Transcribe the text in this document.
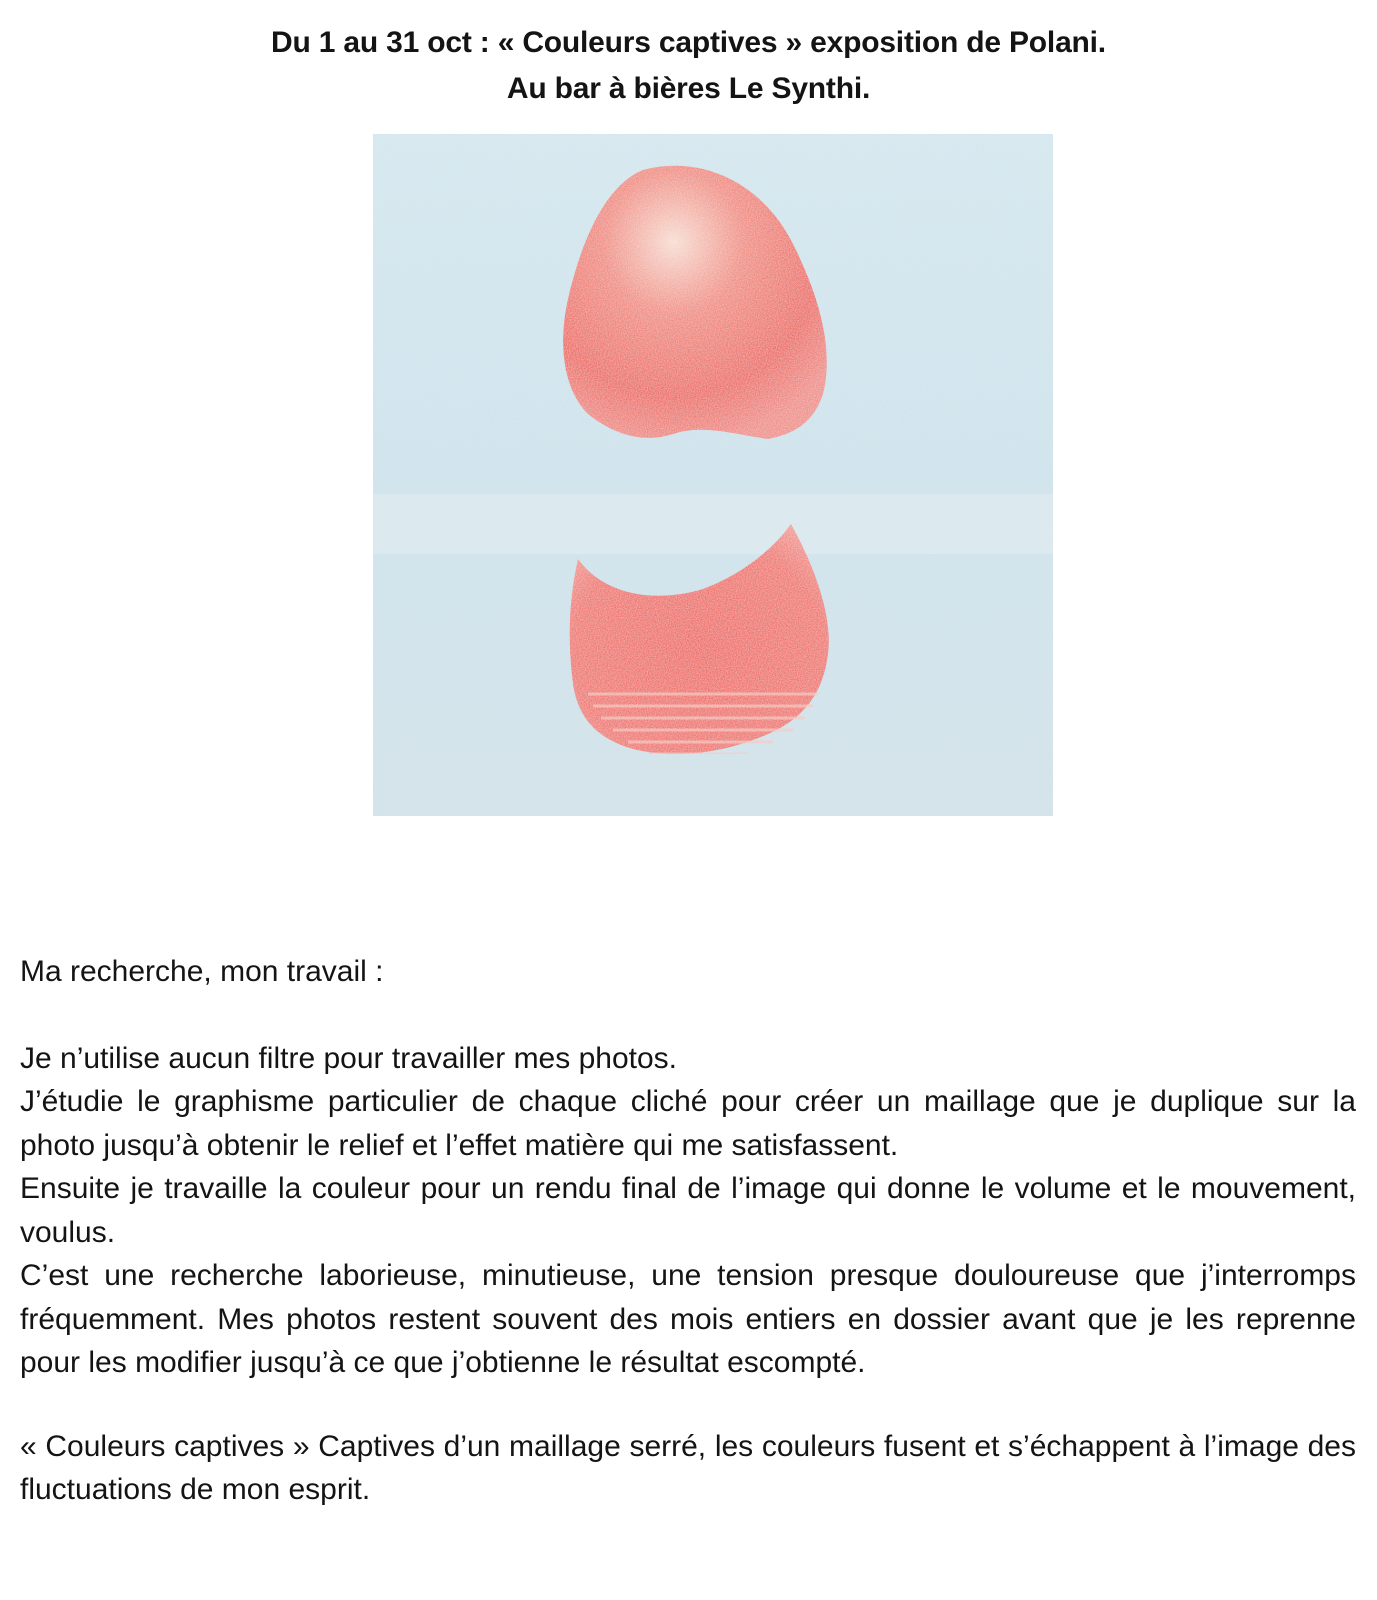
Du 1 au 31 oct : « Couleurs captives » exposition de Polani.
Au bar à bières Le Synthi.

Ma recherche, mon travail :

Je n’utilise aucun filtre pour travailler mes photos.

J’étudie le graphisme particulier de chaque cliché pour créer un maillage que je duplique sur la photo jusqu’à obtenir le relief et l’effet matière qui me satisfassent.

Ensuite je travaille la couleur pour un rendu final de l’image qui donne le volume et le mouvement, voulus.

C’est une recherche laborieuse, minutieuse, une tension presque douloureuse que j’interromps fréquemment. Mes photos restent souvent des mois entiers en dossier avant que je les reprenne pour les modifier jusqu’à ce que j’obtienne le résultat escompté.

« Couleurs captives » Captives d’un maillage serré, les couleurs fusent et s’échappent à l’image des fluctuations de mon esprit.
